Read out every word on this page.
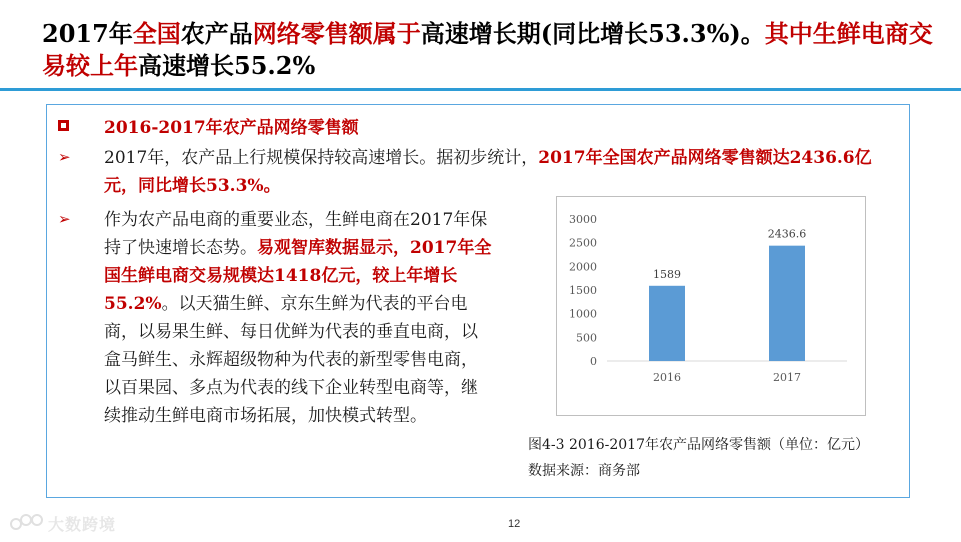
2017年全国农产品网络零售额属于高速增长期(同比增长53.3%)。其中生鲜电商交易较上年高速增长55.2%
2016-2017年农产品网络零售额
➢ 2017年，农产品上行规模保持较高速增长。据初步统计，2017年全国农产品网络零售额达2436.6亿元，同比增长53.3%。
➢ 作为农产品电商的重要业态，生鲜电商在2017年保持了快速增长态势。易观智库数据显示，2017年全国生鲜电商交易规模达1418亿元，较上年增长55.2%。以天猫生鲜、京东生鲜为代表的平台电商，以易果生鲜、每日优鲜为代表的垂直电商，以盒马鲜生、永辉超级物种为代表的新型零售电商，以百果园、多点为代表的线下企业转型电商等，继续推动生鲜电商市场拓展，加快模式转型。
0
500
1000
1500
2000
2500
3000
1589
2016
2436.6
2017
图4-3 2016-2017年农产品网络零售额（单位：亿元）
数据来源：商务部
12
大数跨境
